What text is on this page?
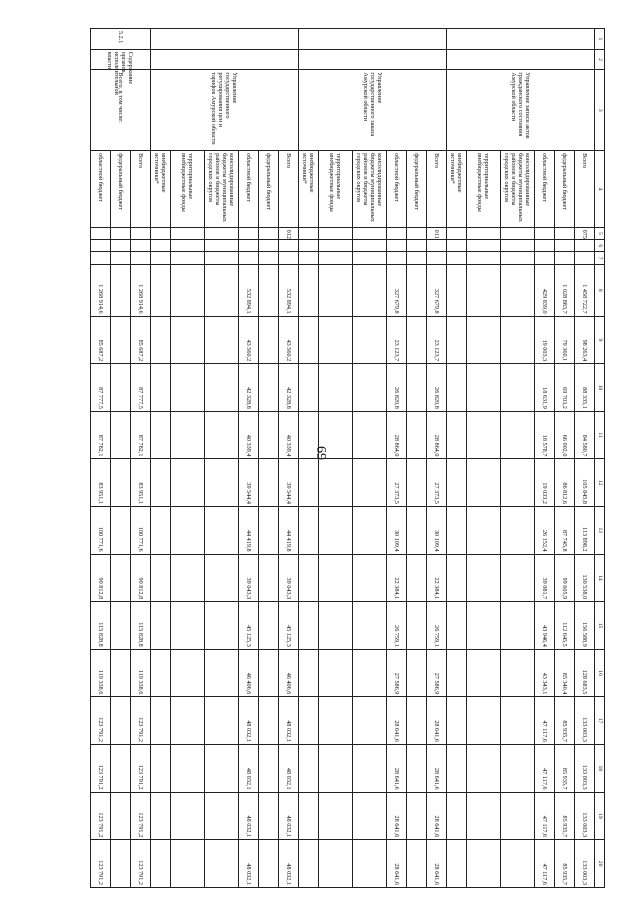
69
1	2	3	4	5	6	7	8	9	10	11	12	13	14	15	16	17	18	19	20
		Управление записи актов гражданского состояния Амурской области	Всего	075			1 458 722,7	98 263,4	88 335,1	84 580,7	105 845,8	113 898,2	130 538,0	156 588,9	128 683,5	133 003,3	133 003,3	133 003,3	133 003,3
			федеральный бюджет				1 028 883,7	79 360,1	69 703,2	66 002,0	86 812,6	87 745,8	99 605,9	112 645,5	85 340,4	85 935,7	85 935,7	85 935,7	85 935,7
			областной бюджет				429 839,0	19 003,3	18 631,9	18 578,7	19 033,2	26 152,4	39 081,7	43 946,4	43 343,1	47 117,6	47 117,6	47 117,6	47 117,6
			консолидированные бюджеты муниципальных районов и бюджеты городских округов																
			территориальные внебюджетные фонды																
			внебюджетные источники*																
		Управление государственного заказа Амурской области	Всего	011			327 679,8	23 123,7	26 820,8	28 864,0	27 373,5	30 109,4	22 384,1	26 759,1	27 586,9	28 641,6	28 641,6	28 641,6	28 641,6
			федеральный бюджет																
			областной бюджет				327 679,8	23 123,7	26 820,8	28 864,0	27 373,5	30 109,4	22 384,1	26 759,1	27 586,9	28 641,6	28 641,6	28 641,6	28 641,6
			консолидированные бюджеты муниципальных районов и бюджеты городских округов																
			территориальные внебюджетные фонды																
			внебюджетные источники*																
		Управление государственного регулирования цен и тарифов Амурской области	Всего	012			532 894,1	43 560,2	42 328,8	40 339,4	39 544,4	44 419,8	39 043,3	45 125,3	46 406,6	48 032,1	48 032,1	48 032,1	48 032,1
			федеральный бюджет																
			областной бюджет				532 894,1	43 560,2	42 328,8	40 339,4	39 544,4	44 419,8	39 043,3	45 125,3	46 406,6	48 032,1	48 032,1	48 032,1	48 032,1
			консолидированные бюджеты муниципальных районов и бюджеты городских округов																
			территориальные внебюджетные фонды																
			внебюджетные источники*																
5.2.1	Содержание органов исполнительной власти	Всего, в том числе:	Всего				1 268 914,6	85 687,2	87 777,5	87 782,1	83 951,1	100 771,6	90 812,8	115 828,8	119 338,6	123 791,2	123 791,2	123 791,2	123 791,2
			федеральный бюджет																
			областной бюджет				1 268 914,6	85 687,2	87 777,5	87 782,1	83 951,1	100 771,6	90 812,8	115 828,8	119 338,6	123 791,2	123 791,2	123 791,2	123 791,2
